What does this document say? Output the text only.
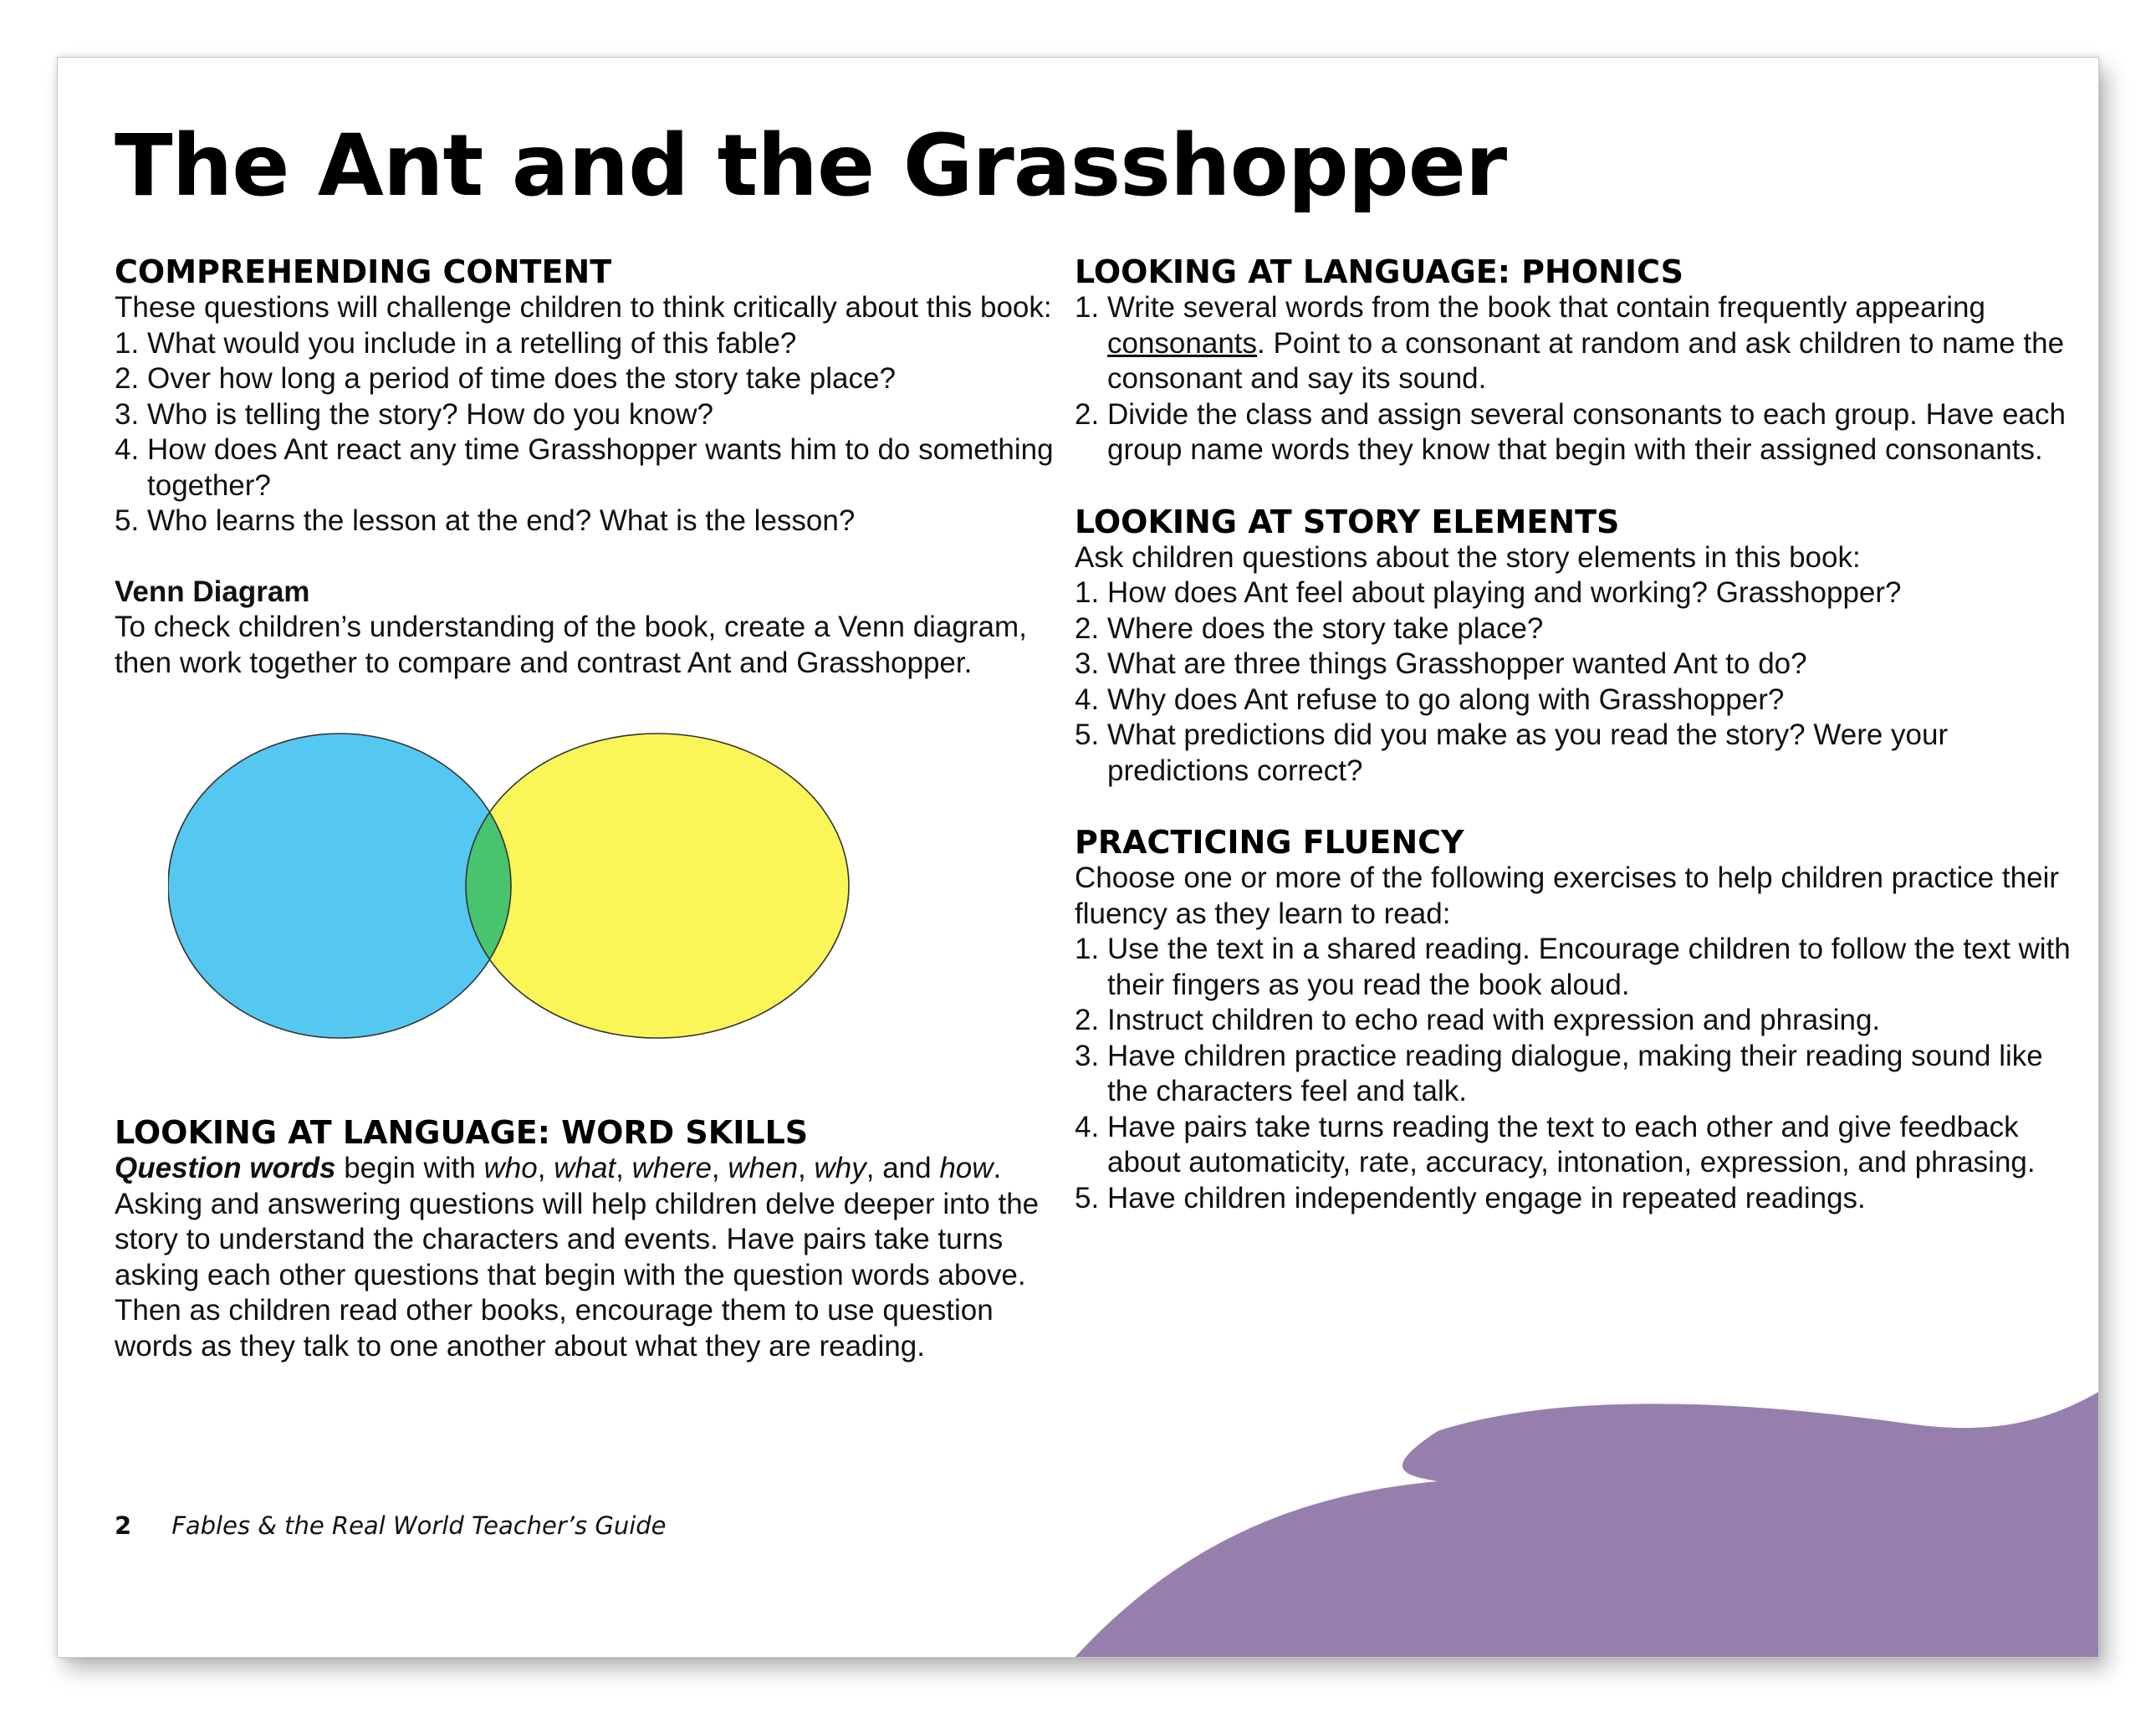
The Ant and the Grasshopper
COMPREHENDING CONTENT

These questions will challenge children to think critically about this book:

1. What would you include in a retelling of this fable?
2. Over how long a period of time does the story take place?
3. Who is telling the story? How do you know?
4. How does Ant react any time Grasshopper wants him to do something together?
5. Who learns the lesson at the end? What is the lesson?

Venn Diagram

To check children’s understanding of the book, create a Venn diagram, then work together to compare and contrast Ant and Grasshopper.

LOOKING AT LANGUAGE: WORD SKILLS

Question words begin with who, what, where, when, why, and how. Asking and answering questions will help children delve deeper into the story to understand the characters and events. Have pairs take turns asking each other questions that begin with the question words above. Then as children read other books, encourage them to use question words as they talk to one another about what they are reading.

LOOKING AT LANGUAGE: PHONICS
1. Write several words from the book that contain frequently appearing consonants. Point to a consonant at random and ask children to name the consonant and say its sound.
2. Divide the class and assign several consonants to each group. Have each group name words they know that begin with their assigned consonants.
LOOKING AT STORY ELEMENTS

Ask children questions about the story elements in this book:

1. How does Ant feel about playing and working? Grasshopper?
2. Where does the story take place?
3. What are three things Grasshopper wanted Ant to do?
4. Why does Ant refuse to go along with Grasshopper?
5. What predictions did you make as you read the story? Were your predictions correct?
PRACTICING FLUENCY

Choose one or more of the following exercises to help children practice their fluency as they learn to read:

1. Use the text in a shared reading. Encourage children to follow the text with their fingers as you read the book aloud.
2. Instruct children to echo read with expression and phrasing.
3. Have children practice reading dialogue, making their reading sound like the characters feel and talk.
4. Have pairs take turns reading the text to each other and give feedback about automaticity, rate, accuracy, intonation, expression, and phrasing.
5. Have children independently engage in repeated readings.
2 Fables & the Real World Teacher’s Guide
